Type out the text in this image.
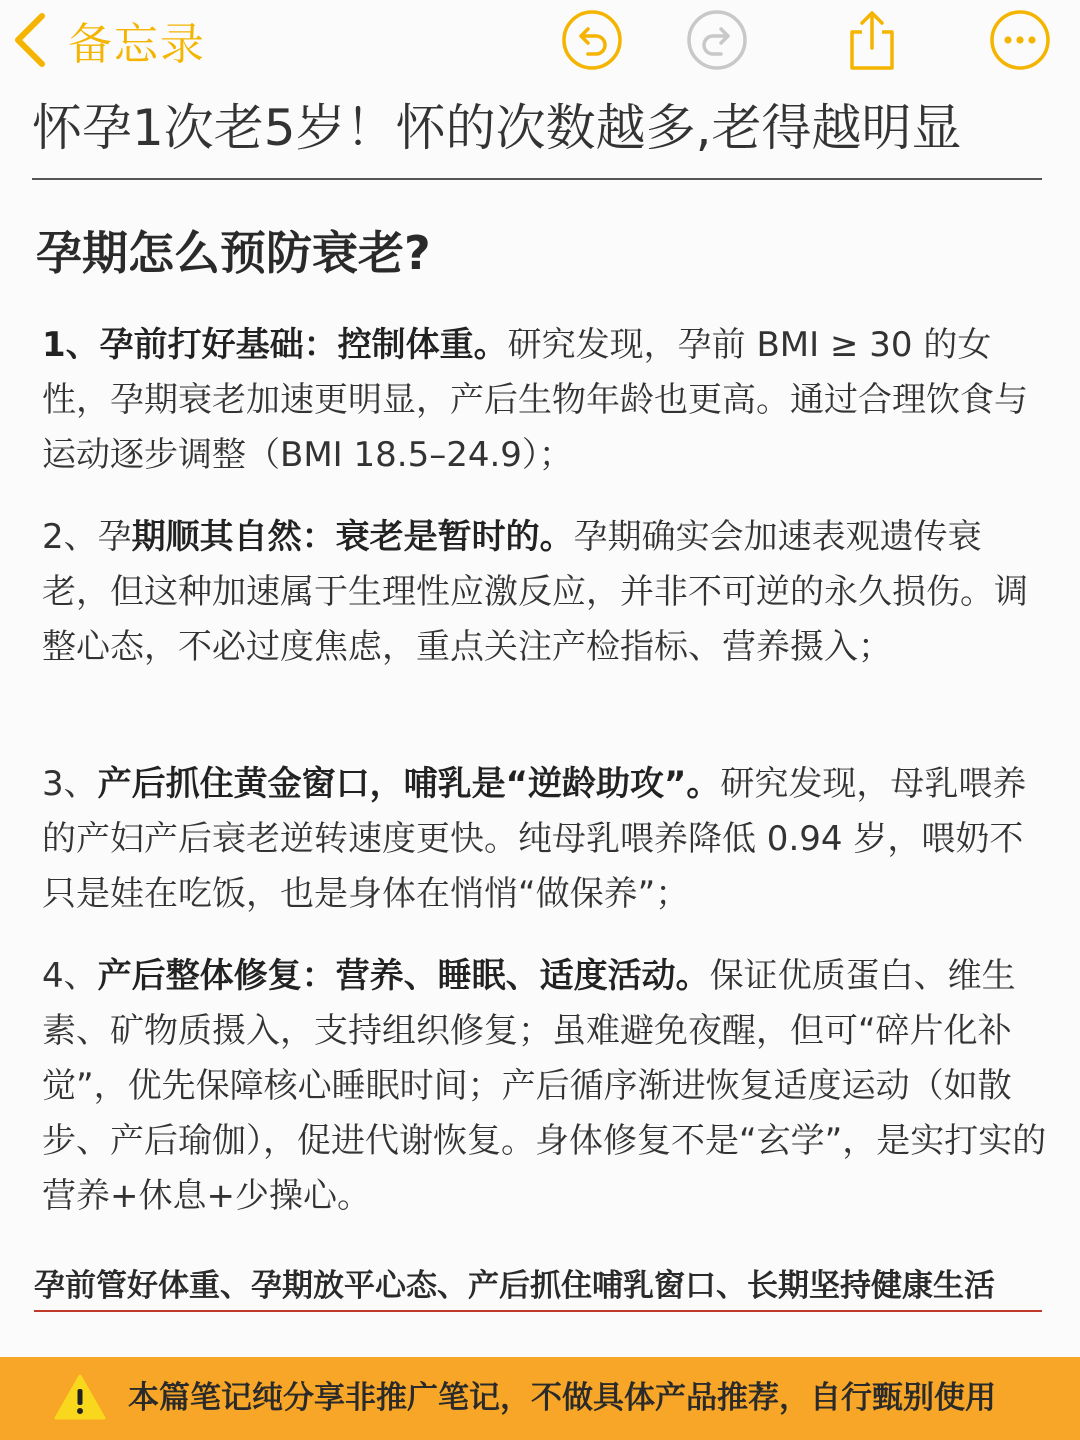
备忘录
怀孕1次老5岁！怀的次数越多,老得越明显
孕期怎么预防衰老?
1、孕前打好基础：控制体重。研究发现，孕前 BMI ≥ 30 的女性，孕期衰老加速更明显，产后生物年龄也更高。通过合理饮食与运动逐步调整（BMI 18.5–24.9）；
2、孕期顺其自然：衰老是暂时的。孕期确实会加速表观遗传衰老，但这种加速属于生理性应激反应，并非不可逆的永久损伤。调整心态，不必过度焦虑，重点关注产检指标、营养摄入；
3、产后抓住黄金窗口，哺乳是“逆龄助攻”。研究发现，母乳喂养的产妇产后衰老逆转速度更快。纯母乳喂养降低 0.94 岁，喂奶不只是娃在吃饭，也是身体在悄悄“做保养”；
4、产后整体修复：营养、睡眠、适度活动。保证优质蛋白、维生素、矿物质摄入，支持组织修复；虽难避免夜醒，但可“碎片化补觉”，优先保障核心睡眠时间；产后循序渐进恢复适度运动（如散步、产后瑜伽），促进代谢恢复。身体修复不是“玄学”，是实打实的营养+休息+少操心。
孕前管好体重、孕期放平心态、产后抓住哺乳窗口、长期坚持健康生活
本篇笔记纯分享非推广笔记，不做具体产品推荐，自行甄别使用
